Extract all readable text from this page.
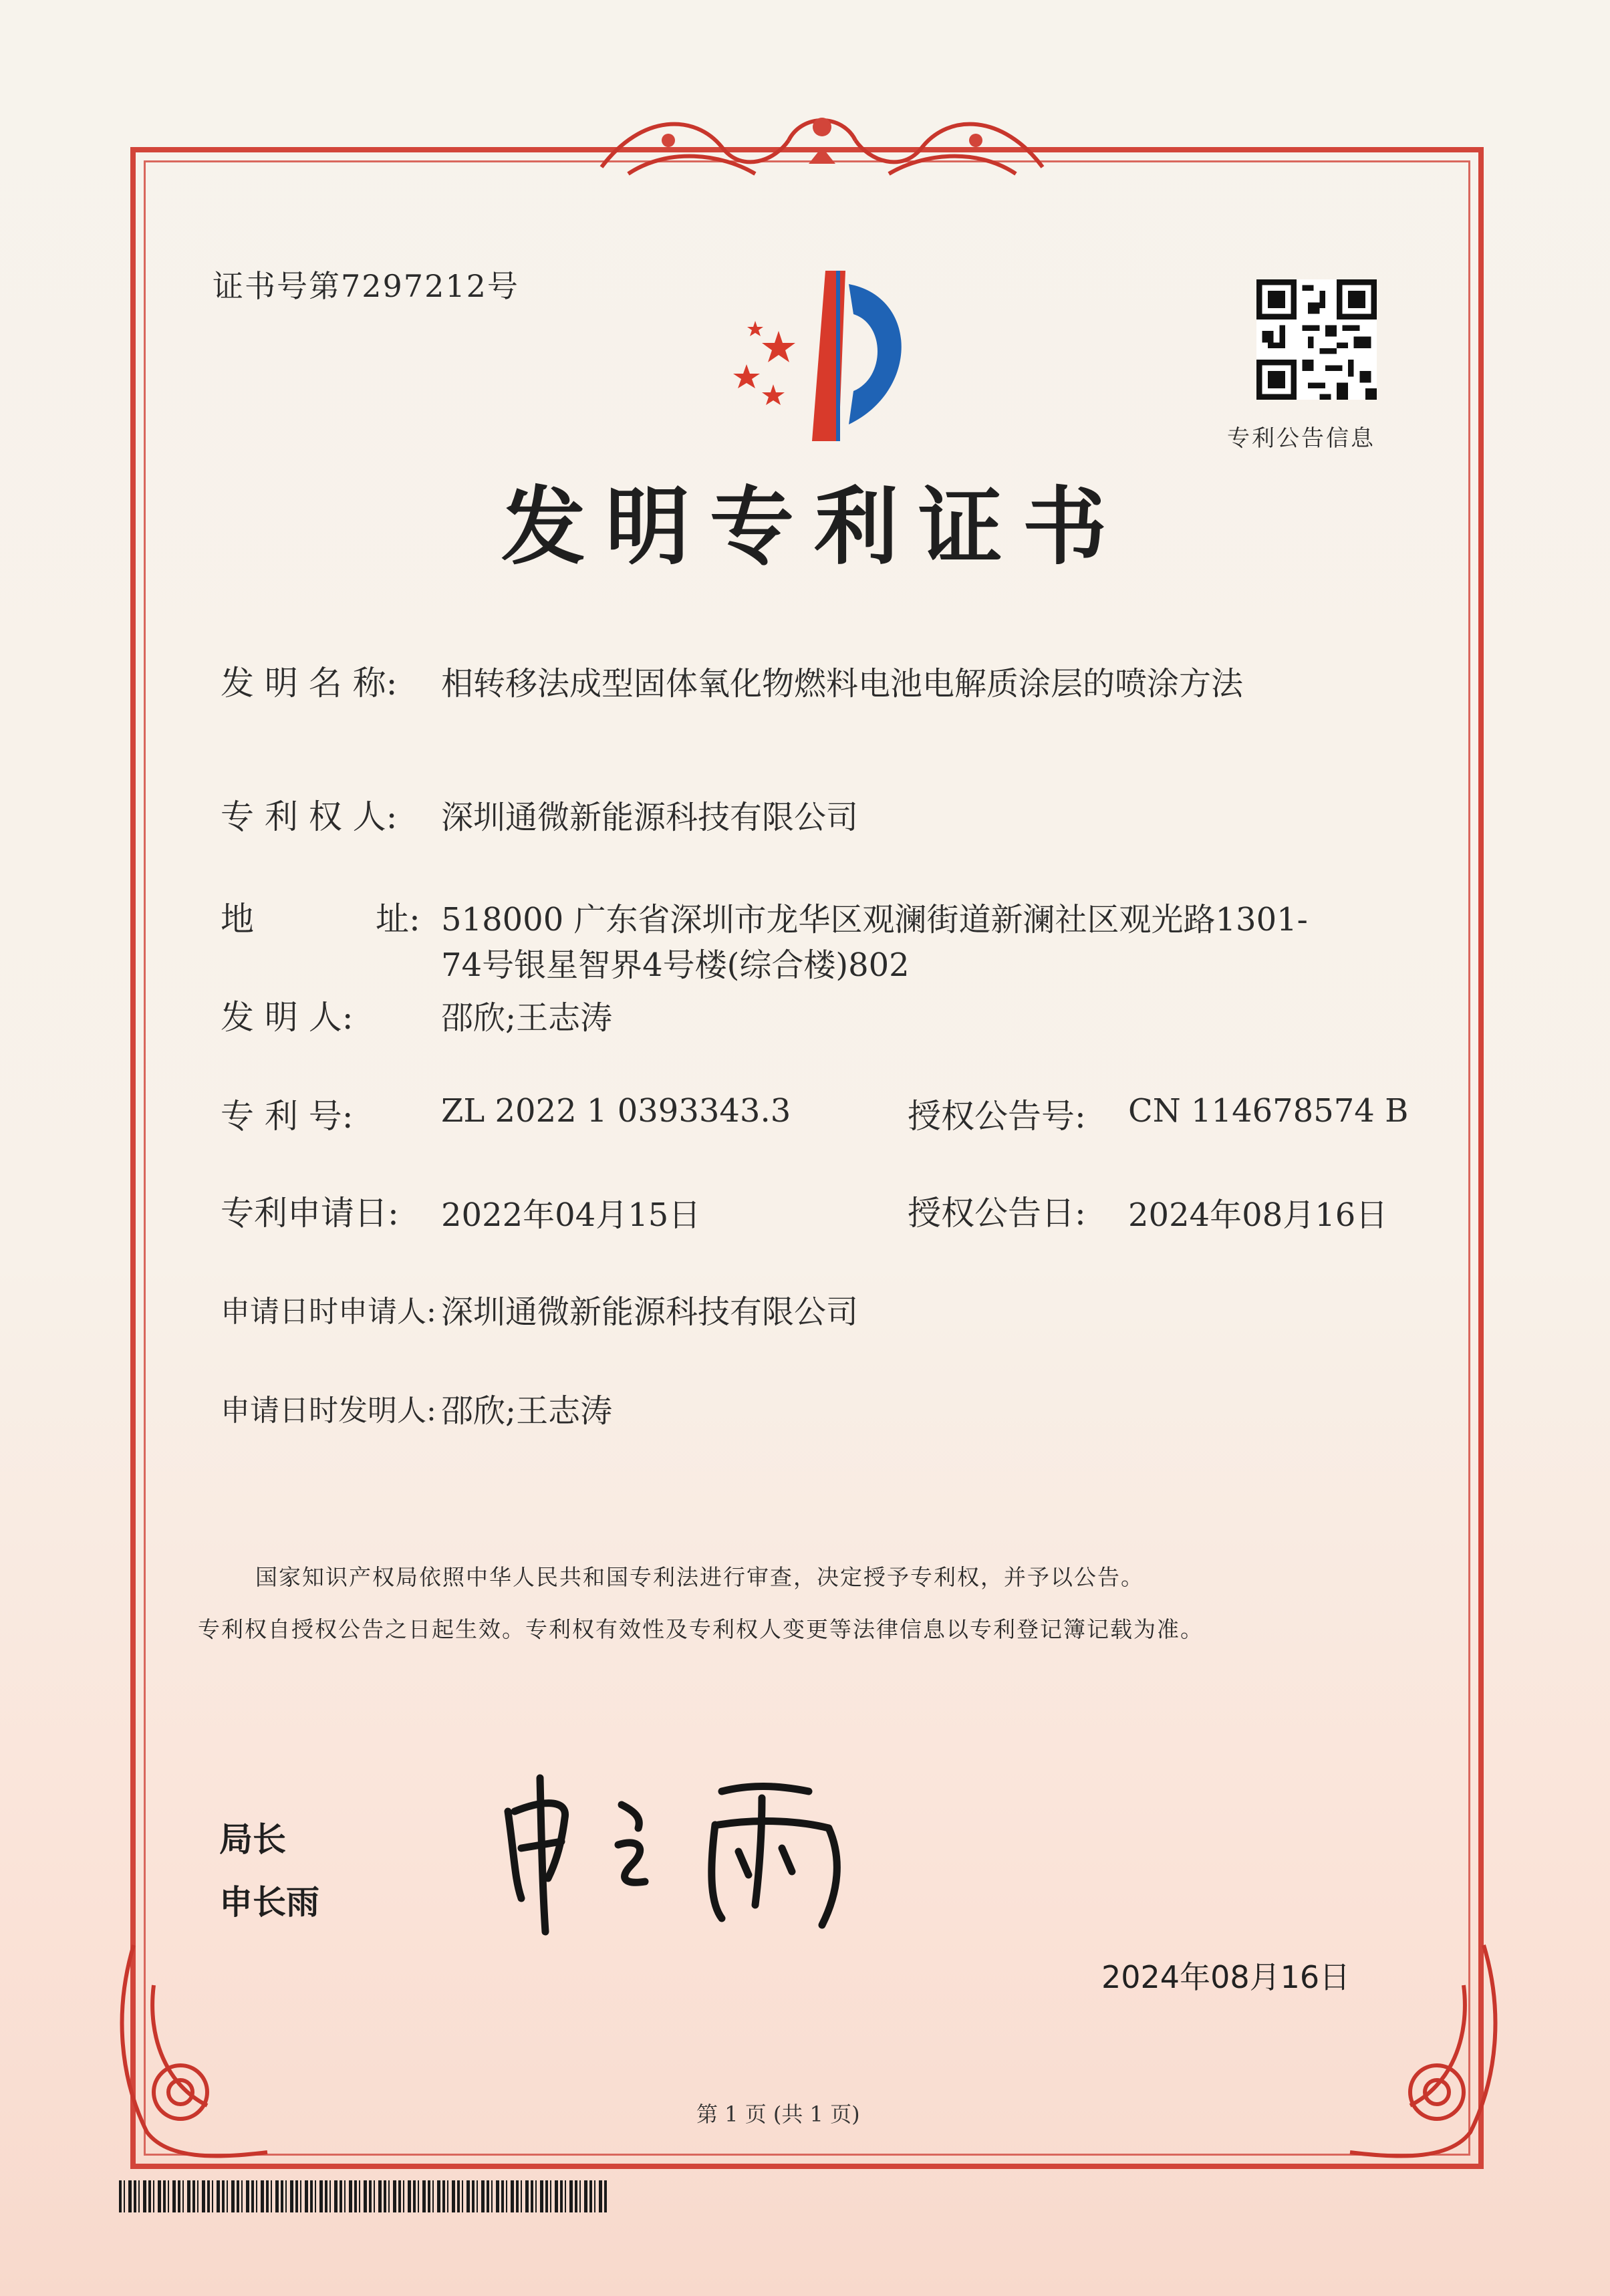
证书号第7297212号
专利公告信息
发明专利证书
发 明 名 称: 相转移法成型固体氧化物燃料电池电解质涂层的喷涂方法
专 利 权 人: 深圳通微新能源科技有限公司
地	址: 518000 广东省深圳市龙华区观澜街道新澜社区观光路1301-
74号银星智界4号楼(综合楼)802
发 明 人:	邵欣;王志涛
专 利 号:	ZL 2022 1 0393343.3	授权公告号: CN 114678574 B
专利申请日: 2022年04月15日	授权公告日: 2024年08月16日
申请日时申请人: 深圳通微新能源科技有限公司
申请日时发明人: 邵欣;王志涛
国家知识产权局依照中华人民共和国专利法进行审查，决定授予专利权，并予以公告。
专利权自授权公告之日起生效。专利权有效性及专利权人变更等法律信息以专利登记簿记载为准。
局长
申长雨
2024年08月16日
第 1 页 (共 1 页)
